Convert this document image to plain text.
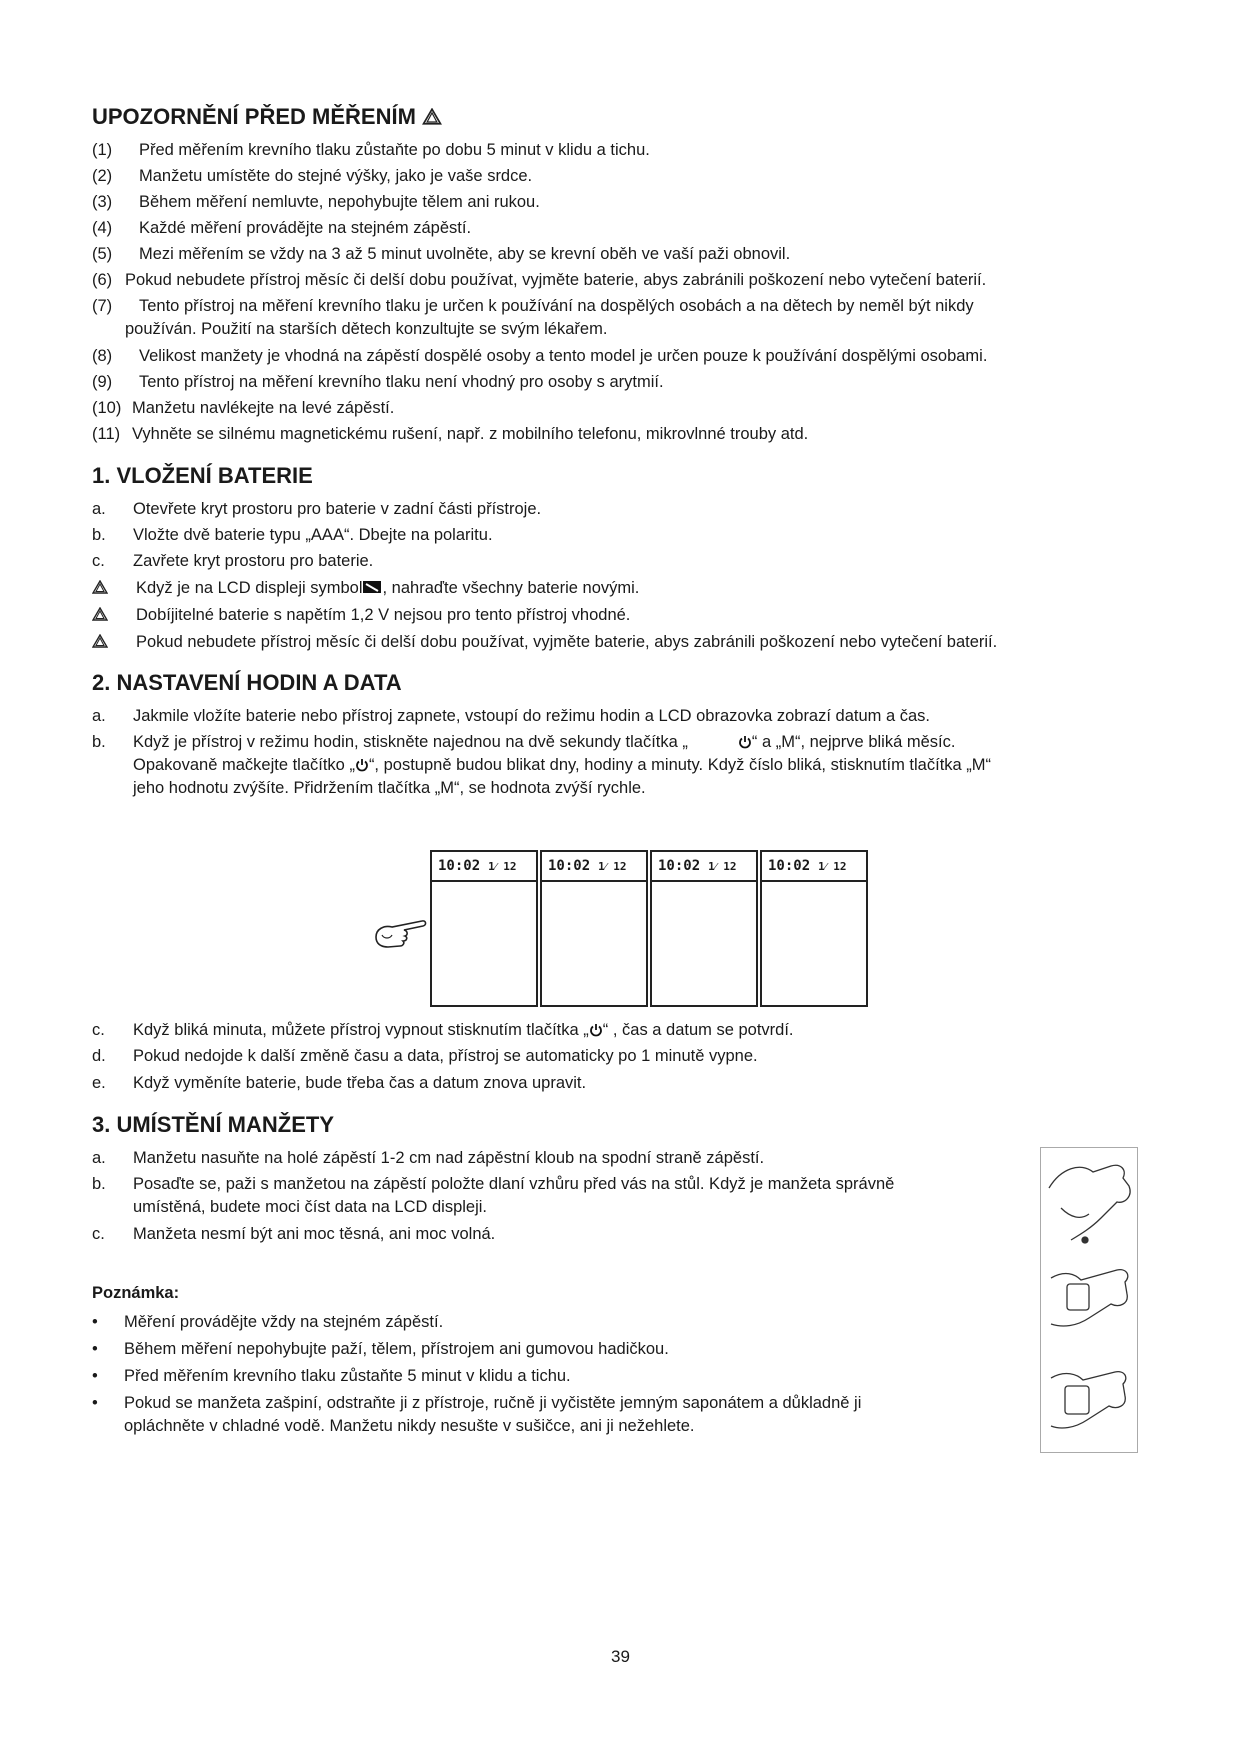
UPOZORNĚNÍ PŘED MĚŘENÍM
(1) Před měřením krevního tlaku zůstaňte po dobu 5 minut v klidu a tichu.
(2) Manžetu umístěte do stejné výšky, jako je vaše srdce.
(3) Během měření nemluvte, nepohybujte tělem ani rukou.
(4) Každé měření provádějte na stejném zápěstí.
(5) Mezi měřením se vždy na 3 až 5 minut uvolněte, aby se krevní oběh ve vaší paži obnovil.
(6) Pokud nebudete přístroj měsíc či delší dobu používat, vyjměte baterie, abys zabránili poškození nebo vytečení baterií.
(7) Tento přístroj na měření krevního tlaku je určen k používání na dospělých osobách a na dětech by neměl být nikdy
používán. Použití na starších dětech konzultujte se svým lékařem.
(8) Velikost manžety je vhodná na zápěstí dospělé osoby a tento model je určen pouze k používání dospělými osobami.
(9) Tento přístroj na měření krevního tlaku není vhodný pro osoby s arytmií.
(10) Manžetu navlékejte na levé zápěstí.
(11) Vyhněte se silnému magnetickému rušení, např. z mobilního telefonu, mikrovlnné trouby atd.
1. VLOŽENÍ BATERIE
a. Otevřete kryt prostoru pro baterie v zadní části přístroje.
b. Vložte dvě baterie typu „AAA“. Dbejte na polaritu.
c. Zavřete kryt prostoru pro baterie.
Když je na LCD displeji symbol , nahraďte všechny baterie novými.
Dobíjitelné baterie s napětím 1,2 V nejsou pro tento přístroj vhodné.
Pokud nebudete přístroj měsíc či delší dobu používat, vyjměte baterie, abys zabránili poškození nebo vytečení baterií.
2. NASTAVENÍ HODIN A DATA
a. Jakmile vložíte baterie nebo přístroj zapnete, vstoupí do režimu hodin a LCD obrazovka zobrazí datum a čas.
b. Když je přístroj v režimu hodin, stiskněte najednou na dvě sekundy tlačítka „	“ a „M“, nejprve bliká měsíc.
Opakovaně mačkejte tlačítko „ “, postupně budou blikat dny, hodiny a minuty. Když číslo bliká, stisknutím tlačítka „M“
jeho hodnotu zvýšíte. Přidržením tlačítka „M“, se hodnota zvýší rychle.
c. Když bliká minuta, můžete přístroj vypnout stisknutím tlačítka „ “ , čas a datum se potvrdí.
d. Pokud nedojde k další změně času a data, přístroj se automaticky po 1 minutě vypne.
e. Když vyměníte baterie, bude třeba čas a datum znova upravit.
3. UMÍSTĚNÍ MANŽETY
a. Manžetu nasuňte na holé zápěstí 1-2 cm nad zápěstní kloub na spodní straně zápěstí.
b. Posaďte se, paži s manžetou na zápěstí položte dlaní vzhůru před vás na stůl. Když je manžeta správně
umístěná, budete moci číst data na LCD displeji.
c. Manžeta nesmí být ani moc těsná, ani moc volná.
Poznámka:
• Měření provádějte vždy na stejném zápěstí.
• Během měření nepohybujte paží, tělem, přístrojem ani gumovou hadičkou.
• Před měřením krevního tlaku zůstaňte 5 minut v klidu a tichu.
• Pokud se manžeta zašpiní, odstraňte ji z přístroje, ručně ji vyčistěte jemným saponátem a důkladně ji
opláchněte v chladné vodě. Manžetu nikdy nesušte v sušičce, ani ji nežehlete.
10:02 1⁄ 12	10:02 1⁄ 12	10:02 1⁄ 12	10:02 1⁄ 12
39
